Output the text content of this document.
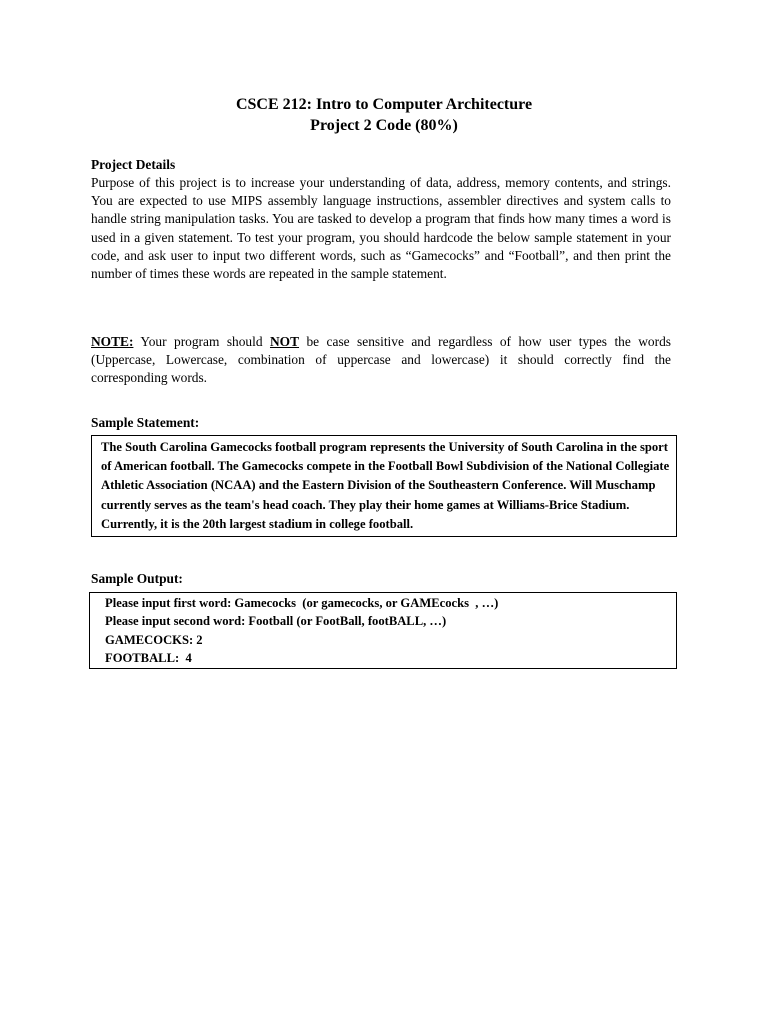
CSCE 212: Intro to Computer Architecture
Project 2 Code (80%)
Project Details
Purpose of this project is to increase your understanding of data, address, memory contents, and strings. You are expected to use MIPS assembly language instructions, assembler directives and system calls to handle string manipulation tasks. You are tasked to develop a program that finds how many times a word is used in a given statement. To test your program, you should hardcode the below sample statement in your code, and ask user to input two different words, such as “Gamecocks” and “Football”, and then print the number of times these words are repeated in the sample statement.
NOTE: Your program should NOT be case sensitive and regardless of how user types the words (Uppercase, Lowercase, combination of uppercase and lowercase) it should correctly find the corresponding words.
Sample Statement:
The South Carolina Gamecocks football program represents the University of South Carolina in the sport of American football. The Gamecocks compete in the Football Bowl Subdivision of the National Collegiate Athletic Association (NCAA) and the Eastern Division of the Southeastern Conference. Will Muschamp currently serves as the team's head coach. They play their home games at Williams-Brice Stadium. Currently, it is the 20th largest stadium in college football.
Sample Output:
Please input first word: Gamecocks  (or gamecocks, or GAMEcocks  , …)
Please input second word: Football (or FootBall, footBALL, …)
GAMECOCKS: 2
FOOTBALL:  4
